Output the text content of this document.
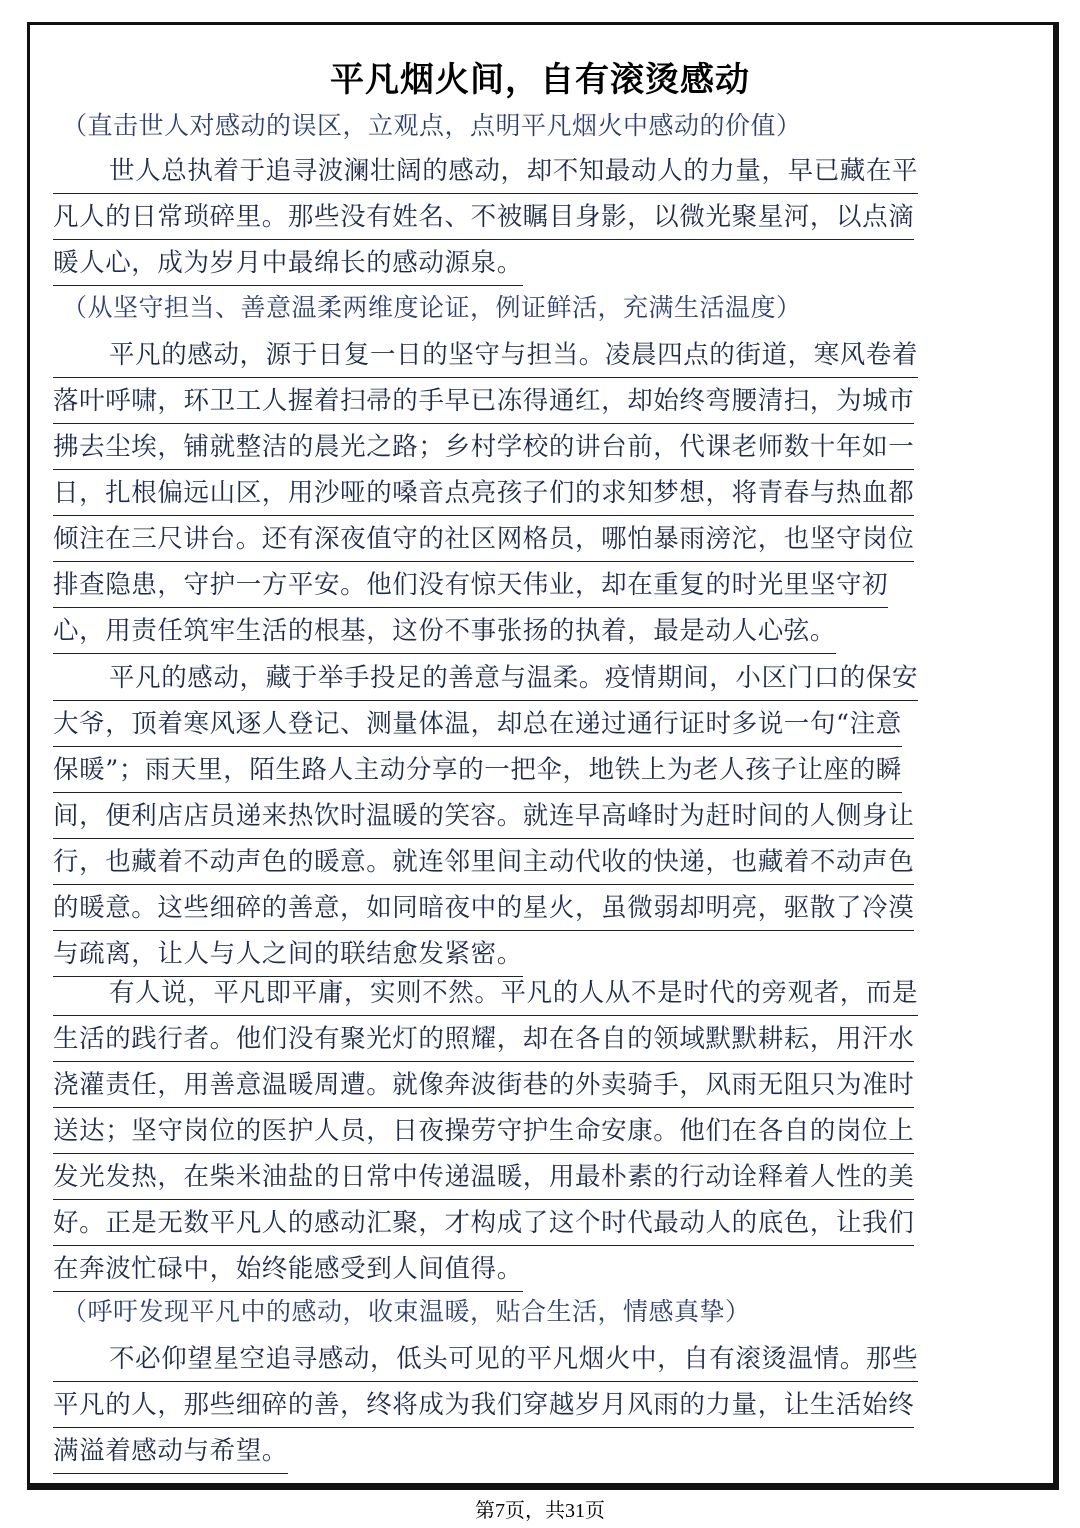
平凡烟火间，自有滚烫感动
（直击世人对感动的误区，立观点，点明平凡烟火中感动的价值）
世人总执着于追寻波澜壮阔的感动，却不知最动人的力量，早已藏在平
凡人的日常琐碎里。那些没有姓名、不被瞩目身影，以微光聚星河，以点滴
暖人心，成为岁月中最绵长的感动源泉。
（从坚守担当、善意温柔两维度论证，例证鲜活，充满生活温度）
平凡的感动，源于日复一日的坚守与担当。凌晨四点的街道，寒风卷着
落叶呼啸，环卫工人握着扫帚的手早已冻得通红，却始终弯腰清扫，为城市
拂去尘埃，铺就整洁的晨光之路；乡村学校的讲台前，代课老师数十年如一
日，扎根偏远山区，用沙哑的嗓音点亮孩子们的求知梦想，将青春与热血都
倾注在三尺讲台。还有深夜值守的社区网格员，哪怕暴雨滂沱，也坚守岗位
排查隐患，守护一方平安。他们没有惊天伟业，却在重复的时光里坚守初
心，用责任筑牢生活的根基，这份不事张扬的执着，最是动人心弦。
平凡的感动，藏于举手投足的善意与温柔。疫情期间，小区门口的保安
大爷，顶着寒风逐人登记、测量体温，却总在递过通行证时多说一句“注意
保暖”；雨天里，陌生路人主动分享的一把伞，地铁上为老人孩子让座的瞬
间，便利店店员递来热饮时温暖的笑容。就连早高峰时为赶时间的人侧身让
行，也藏着不动声色的暖意。就连邻里间主动代收的快递，也藏着不动声色
的暖意。这些细碎的善意，如同暗夜中的星火，虽微弱却明亮，驱散了冷漠
与疏离，让人与人之间的联结愈发紧密。
有人说，平凡即平庸，实则不然。平凡的人从不是时代的旁观者，而是
生活的践行者。他们没有聚光灯的照耀，却在各自的领域默默耕耘，用汗水
浇灌责任，用善意温暖周遭。就像奔波街巷的外卖骑手，风雨无阻只为准时
送达；坚守岗位的医护人员，日夜操劳守护生命安康。他们在各自的岗位上
发光发热，在柴米油盐的日常中传递温暖，用最朴素的行动诠释着人性的美
好。正是无数平凡人的感动汇聚，才构成了这个时代最动人的底色，让我们
在奔波忙碌中，始终能感受到人间值得。
（呼吁发现平凡中的感动，收束温暖，贴合生活，情感真挚）
不必仰望星空追寻感动，低头可见的平凡烟火中，自有滚烫温情。那些
平凡的人，那些细碎的善，终将成为我们穿越岁月风雨的力量，让生活始终
满溢着感动与希望。
第7页，共31页
